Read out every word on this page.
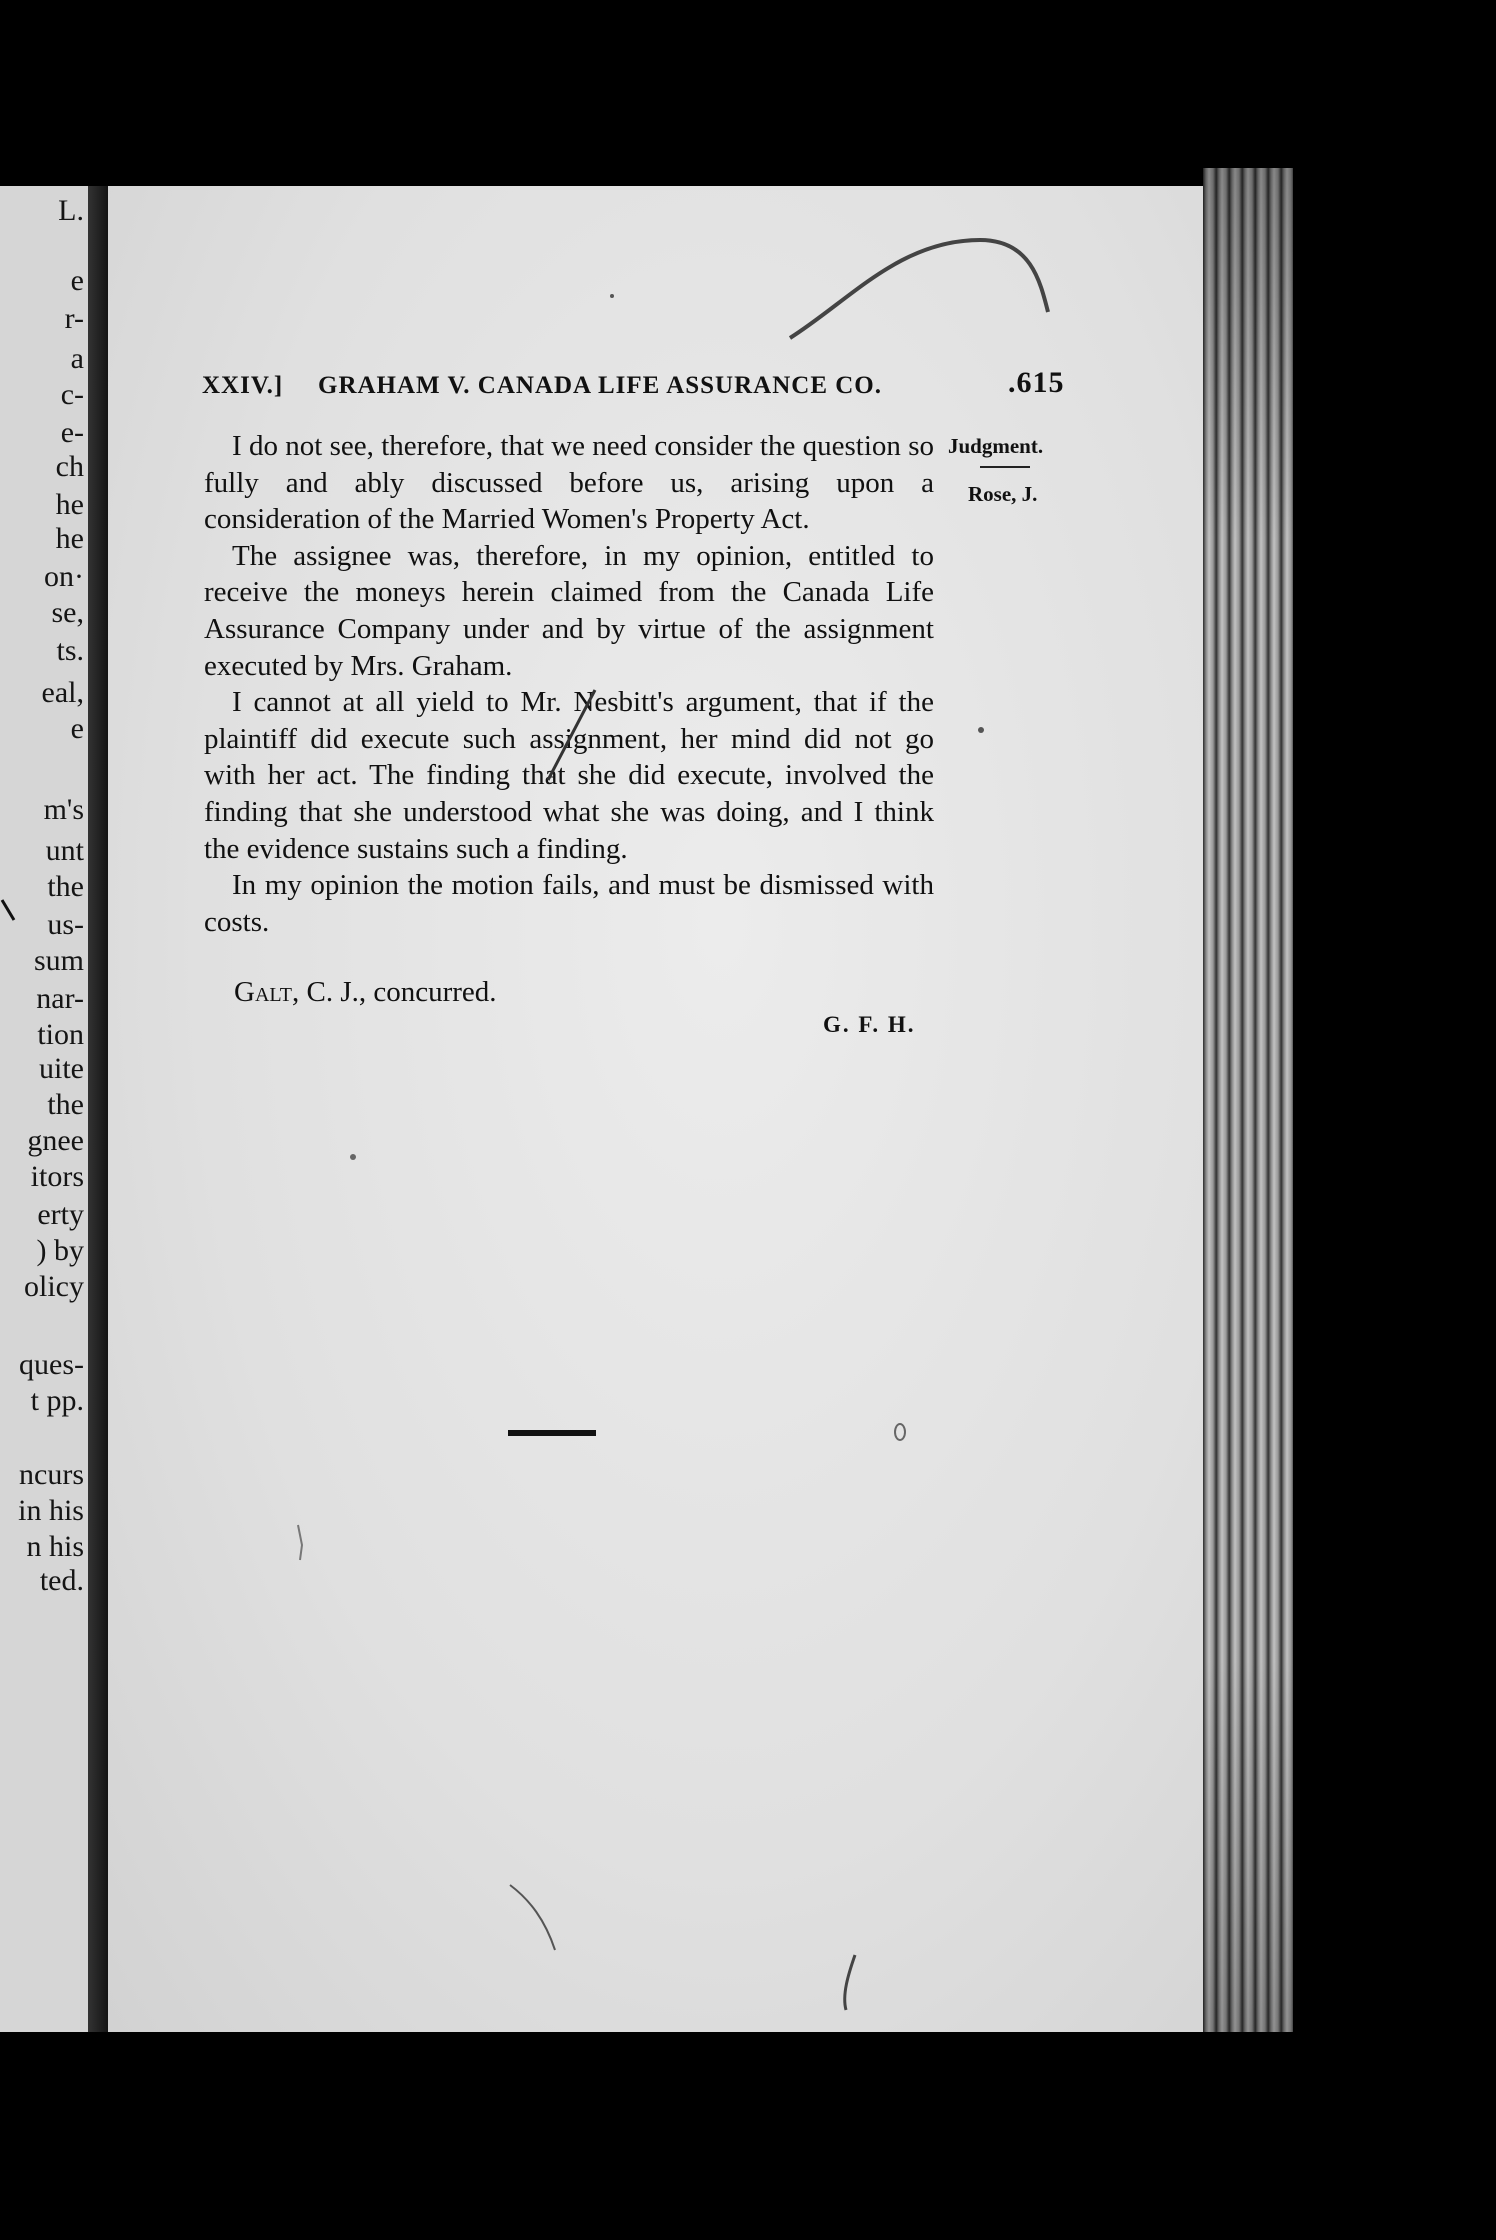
L.
e
r-
a
c-
e-
ch
he
he
on·
se,
ts.
eal,
e
m's
unt
the
us-
sum
nar-
tion
uite
the
gnee
itors
erty
) by
olicy
ques-
t pp.
ncurs
in his
n his
ted.
XXIV.] GRAHAM V. CANADA LIFE ASSURANCE CO.	.615
Judgment.
Rose, J.

I do not see, therefore, that we need consider the question so fully and ably discussed before us, arising upon a consideration of the Married Women's Property Act.

The assignee was, therefore, in my opinion, entitled to receive the moneys herein claimed from the Canada Life Assurance Company under and by virtue of the assignment executed by Mrs. Graham.

I cannot at all yield to Mr. Nesbitt's argument, that if the plaintiff did execute such assignment, her mind did not go with her act. The finding that she did execute, involved the finding that she understood what she was doing, and I think the evidence sustains such a finding.

In my opinion the motion fails, and must be dismissed with costs.

Galt, C. J., concurred.
G. F. H.
